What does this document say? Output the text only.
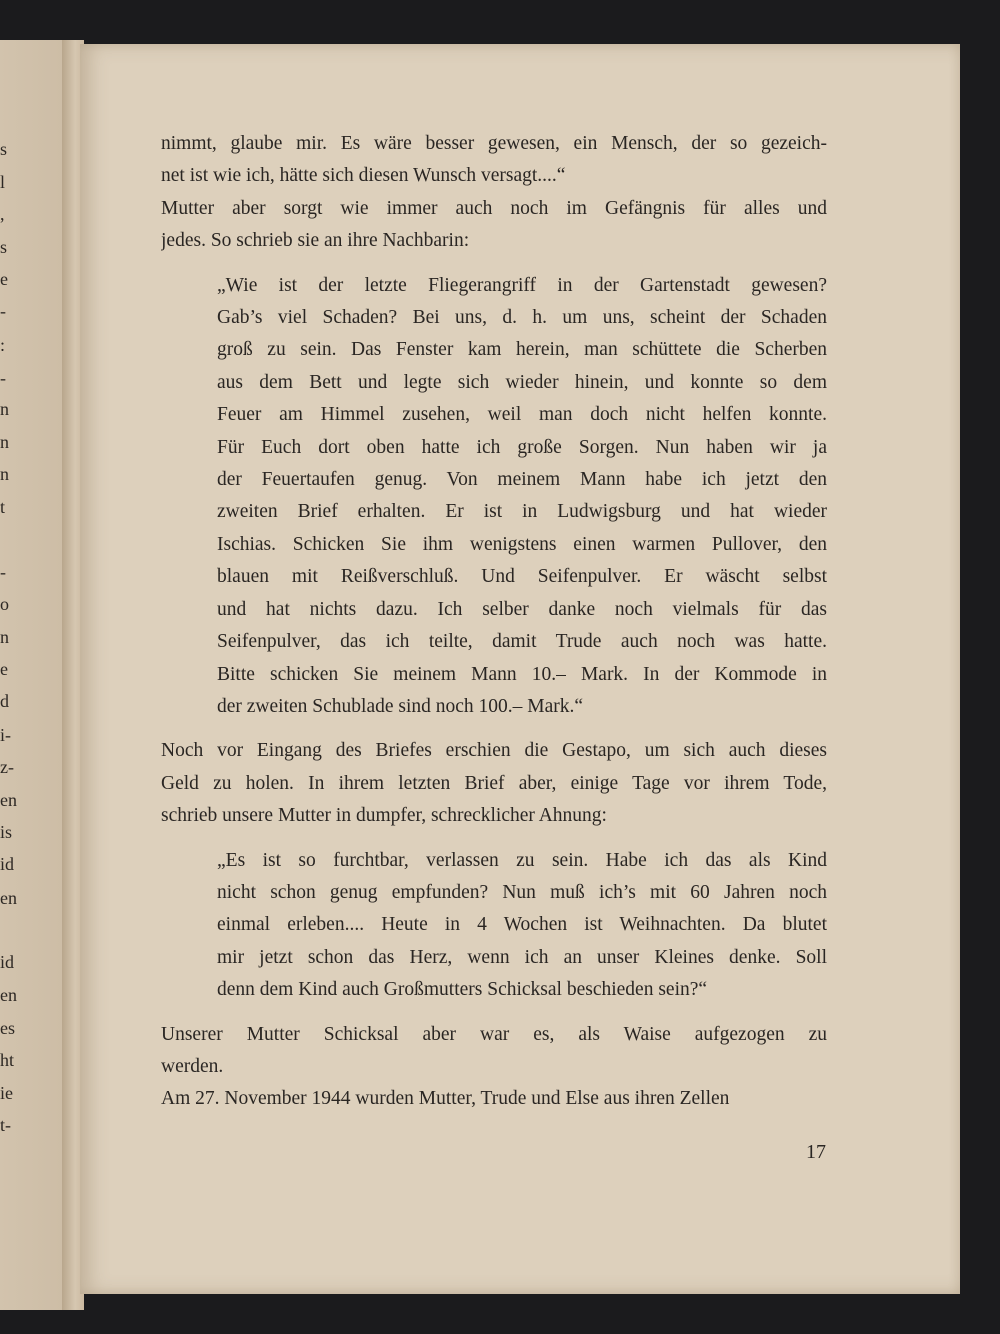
s
l
,
s
e
-
:
-
n
n
n
t
-
o
n
e
d
i-
z-
en
is
id
en
id
en
es
ht
ie
t-
nimmt, glaube mir. Es wäre besser gewesen, ein Mensch, der so gezeich-
net ist wie ich, hätte sich diesen Wunsch versagt....“
Mutter aber sorgt wie immer auch noch im Gefängnis für alles und
jedes. So schrieb sie an ihre Nachbarin:
„Wie ist der letzte Fliegerangriff in der Gartenstadt gewesen?
Gab’s viel Schaden? Bei uns, d. h. um uns, scheint der Schaden
groß zu sein. Das Fenster kam herein, man schüttete die Scherben
aus dem Bett und legte sich wieder hinein, und konnte so dem
Feuer am Himmel zusehen, weil man doch nicht helfen konnte.
Für Euch dort oben hatte ich große Sorgen. Nun haben wir ja
der Feuertaufen genug. Von meinem Mann habe ich jetzt den
zweiten Brief erhalten. Er ist in Ludwigsburg und hat wieder
Ischias. Schicken Sie ihm wenigstens einen warmen Pullover, den
blauen mit Reißverschluß. Und Seifenpulver. Er wäscht selbst
und hat nichts dazu. Ich selber danke noch vielmals für das
Seifenpulver, das ich teilte, damit Trude auch noch was hatte.
Bitte schicken Sie meinem Mann 10.– Mark. In der Kommode in
der zweiten Schublade sind noch 100.– Mark.“
Noch vor Eingang des Briefes erschien die Gestapo, um sich auch dieses
Geld zu holen. In ihrem letzten Brief aber, einige Tage vor ihrem Tode,
schrieb unsere Mutter in dumpfer, schrecklicher Ahnung:
„Es ist so furchtbar, verlassen zu sein. Habe ich das als Kind
nicht schon genug empfunden? Nun muß ich’s mit 60 Jahren noch
einmal erleben.... Heute in 4 Wochen ist Weihnachten. Da blutet
mir jetzt schon das Herz, wenn ich an unser Kleines denke. Soll
denn dem Kind auch Großmutters Schicksal beschieden sein?“
Unserer Mutter Schicksal aber war es, als Waise aufgezogen zu
werden.
Am 27. November 1944 wurden Mutter, Trude und Else aus ihren Zellen
17
